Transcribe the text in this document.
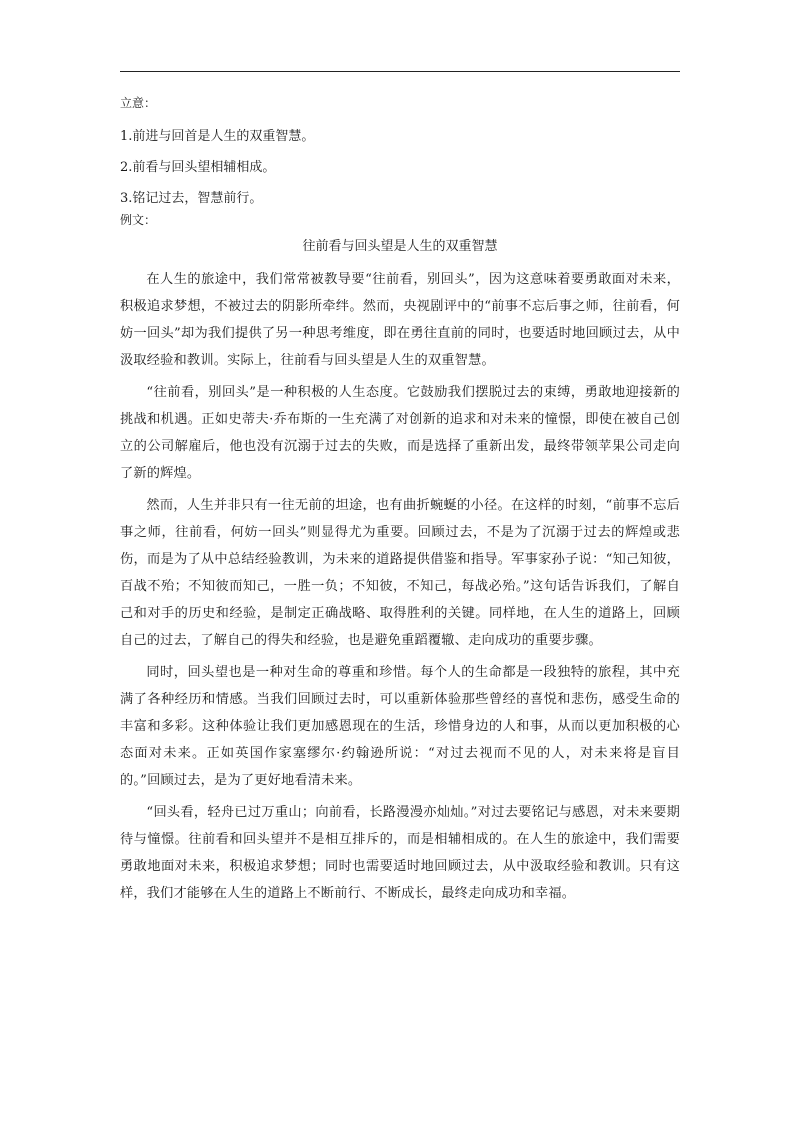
立意：

1.前进与回首是人生的双重智慧。

2.前看与回头望相辅相成。

3.铭记过去，智慧前行。

例文：

往前看与回头望是人生的双重智慧

在人生的旅途中，我们常常被教导要“往前看，别回头”，因为这意味着要勇敢面对未来，积极追求梦想，不被过去的阴影所牵绊。然而，央视剧评中的“前事不忘后事之师，往前看，何妨一回头”却为我们提供了另一种思考维度，即在勇往直前的同时，也要适时地回顾过去，从中汲取经验和教训。实际上，往前看与回头望是人生的双重智慧。

“往前看，别回头”是一种积极的人生态度。它鼓励我们摆脱过去的束缚，勇敢地迎接新的挑战和机遇。正如史蒂夫·乔布斯的一生充满了对创新的追求和对未来的憧憬，即使在被自己创立的公司解雇后，他也没有沉溺于过去的失败，而是选择了重新出发，最终带领苹果公司走向了新的辉煌。

然而，人生并非只有一往无前的坦途，也有曲折蜿蜒的小径。在这样的时刻，“前事不忘后事之师，往前看，何妨一回头”则显得尤为重要。回顾过去，不是为了沉溺于过去的辉煌或悲伤，而是为了从中总结经验教训，为未来的道路提供借鉴和指导。军事家孙子说：“知己知彼，百战不殆；不知彼而知己，一胜一负；不知彼，不知己，每战必殆。”这句话告诉我们，了解自己和对手的历史和经验，是制定正确战略、取得胜利的关键。同样地，在人生的道路上，回顾自己的过去，了解自己的得失和经验，也是避免重蹈覆辙、走向成功的重要步骤。

同时，回头望也是一种对生命的尊重和珍惜。每个人的生命都是一段独特的旅程，其中充满了各种经历和情感。当我们回顾过去时，可以重新体验那些曾经的喜悦和悲伤，感受生命的丰富和多彩。这种体验让我们更加感恩现在的生活，珍惜身边的人和事，从而以更加积极的心态面对未来。正如英国作家塞缪尔·约翰逊所说：“对过去视而不见的人，对未来将是盲目的。”回顾过去，是为了更好地看清未来。

“回头看，轻舟已过万重山；向前看，长路漫漫亦灿灿。”对过去要铭记与感恩，对未来要期待与憧憬。往前看和回头望并不是相互排斥的，而是相辅相成的。在人生的旅途中，我们需要勇敢地面对未来，积极追求梦想；同时也需要适时地回顾过去，从中汲取经验和教训。只有这样，我们才能够在人生的道路上不断前行、不断成长，最终走向成功和幸福。
